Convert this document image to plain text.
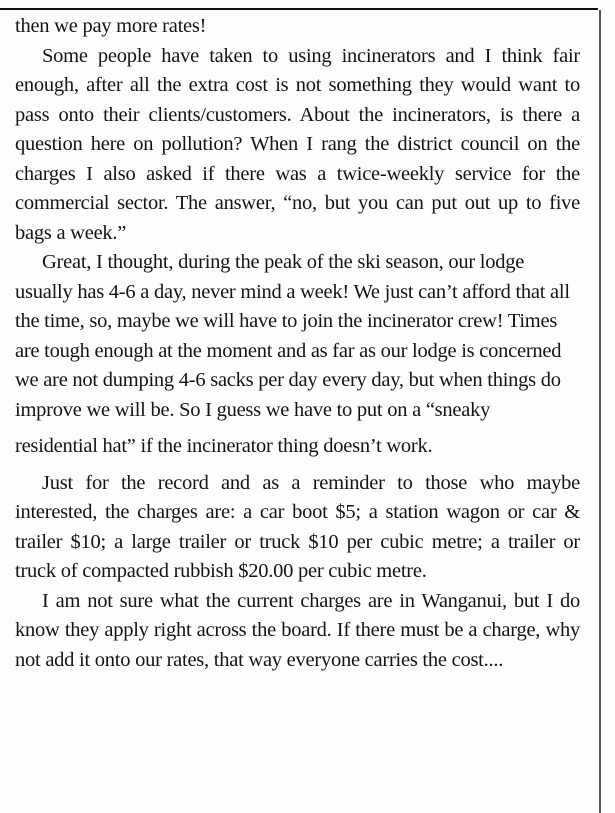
then we pay more rates!

Some people have taken to using incinerators and I think fair enough, after all the extra cost is not something they would want to pass onto their clients/customers. About the incinerators, is there a question here on pollution? When I rang the district council on the charges I also asked if there was a twice-weekly service for the commercial sector. The answer, “no, but you can put out up to five bags a week.”

Great, I thought, during the peak of the ski season, our lodge usually has 4-6 a day, never mind a week! We just can’t afford that all the time, so, maybe we will have to join the incinerator crew! Times are tough enough at the moment and as far as our lodge is concerned we are not dumping 4-6 sacks per day every day, but when things do improve we will be. So I guess we have to put on a “sneaky

residential hat” if the incinerator thing doesn’t work.

Just for the record and as a reminder to those who maybe interested, the charges are: a car boot $5; a station wagon or car & trailer $10; a large trailer or truck $10 per cubic metre; a trailer or truck of compacted rubbish $20.00 per cubic metre.

I am not sure what the current charges are in Wanganui, but I do know they apply right across the board. If there must be a charge, why not add it onto our rates, that way everyone carries the cost....
